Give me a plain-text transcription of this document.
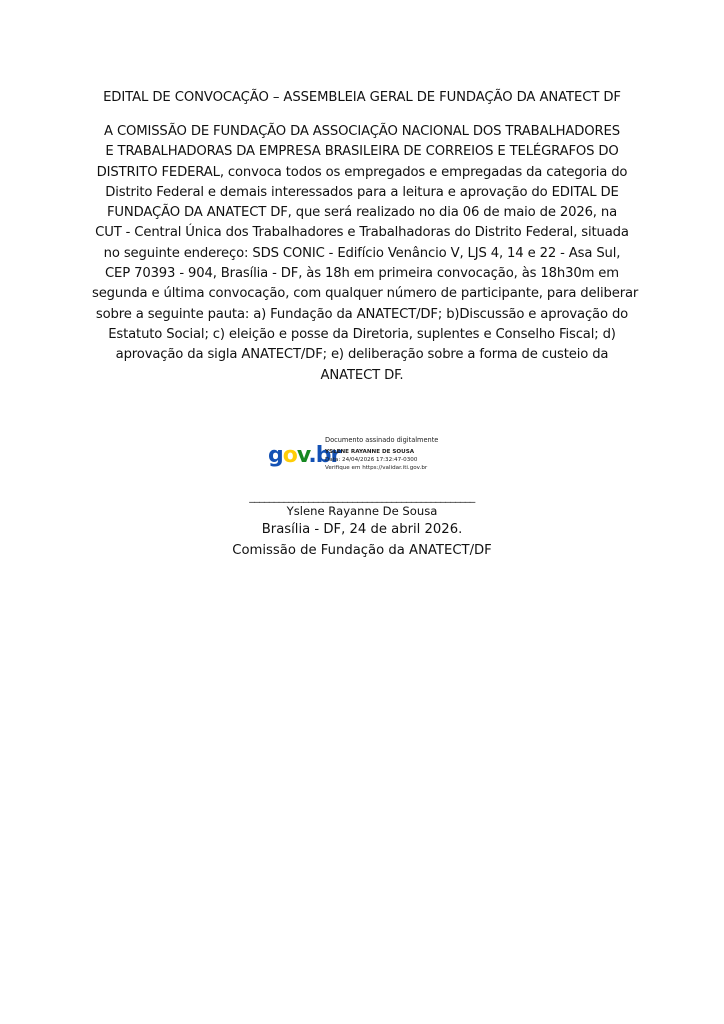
EDITAL DE CONVOCAÇÃO – ASSEMBLEIA GERAL DE FUNDAÇÃO DA ANATECT DF
A COMISSÃO DE FUNDAÇÃO DA ASSOCIAÇÃO NACIONAL DOS TRABALHADORES
E TRABALHADORAS DA EMPRESA BRASILEIRA DE CORREIOS E TELÉGRAFOS DO
DISTRITO FEDERAL, convoca todos os empregados e empregadas da categoria do
Distrito Federal e demais interessados para a leitura e aprovação do EDITAL DE
FUNDAÇÃO DA ANATECT DF, que será realizado no dia 06 de maio de 2026, na
CUT - Central Única dos Trabalhadores e Trabalhadoras do Distrito Federal, situada
no seguinte endereço: SDS CONIC - Edifício Venâncio V, LJS 4, 14 e 22 - Asa Sul,
CEP 70393 - 904, Brasília - DF, às 18h em primeira convocação, às 18h30m em
segunda e última convocação, com qualquer número de participante, para deliberar
sobre a seguinte pauta: a) Fundação da ANATECT/DF; b)Discussão e aprovação do
Estatuto Social; c) eleição e posse da Diretoria, suplentes e Conselho Fiscal; d)
aprovação da sigla ANATECT/DF; e) deliberação sobre a forma de custeio da
ANATECT DF.
gov.br
Documento assinado digitalmente
YSLENE RAYANNE DE SOUSA
Data: 24/04/2026 17:32:47-0300
Verifique em https://validar.iti.gov.br
______________________________________________
Yslene Rayanne De Sousa
Brasília - DF, 24 de abril 2026.
Comissão de Fundação da ANATECT/DF
